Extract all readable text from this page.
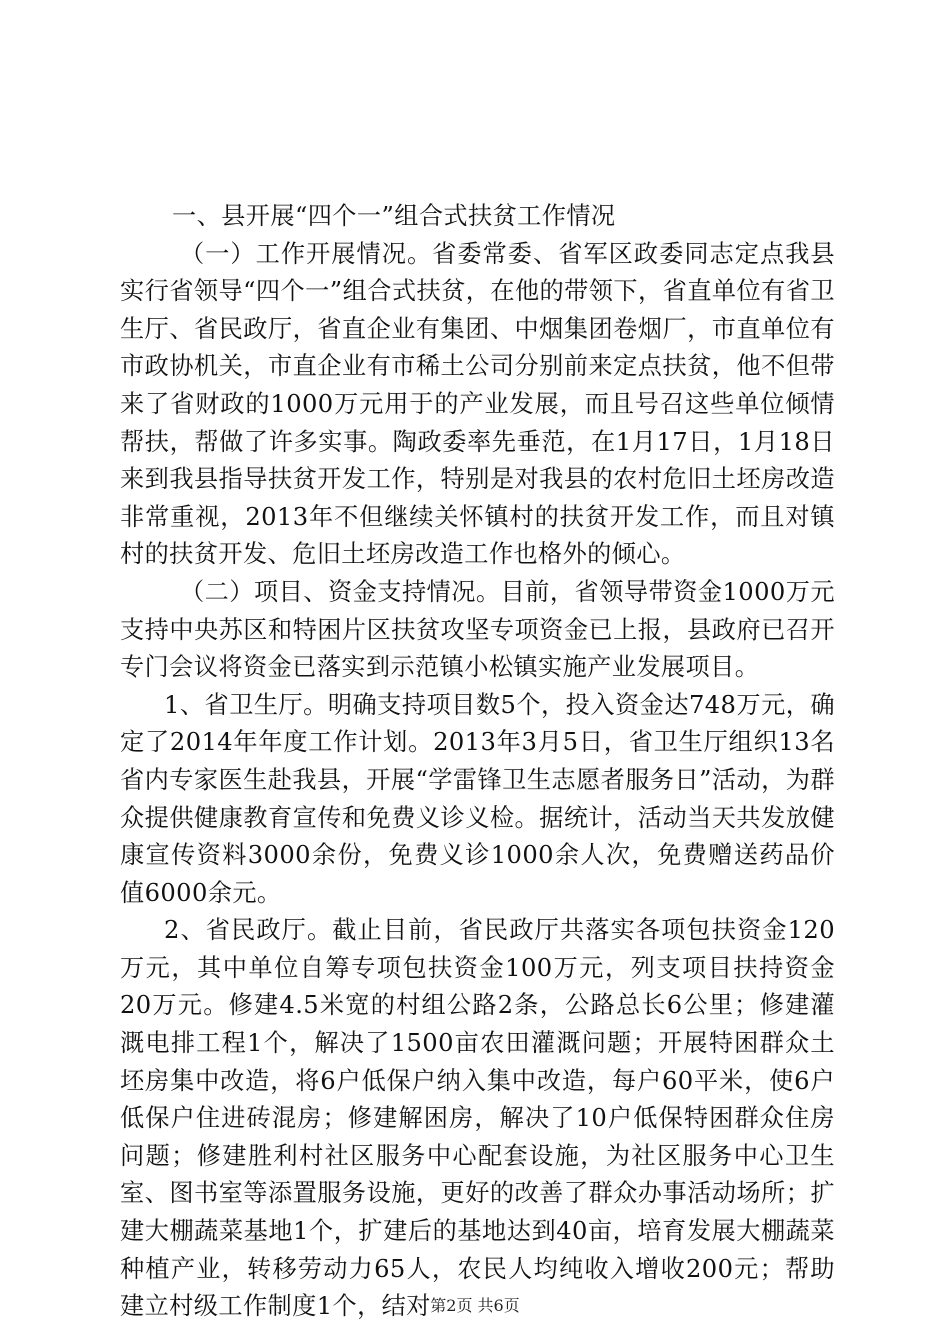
一、县开展“四个一”组合式扶贫工作情况

（一）工作开展情况。省委常委、省军区政委同志定点我县实行省领导“四个一”组合式扶贫，在他的带领下，省直单位有省卫生厅、省民政厅，省直企业有集团、中烟集团卷烟厂，市直单位有市政协机关，市直企业有市稀土公司分别前来定点扶贫，他不但带来了省财政的1000万元用于的产业发展，而且号召这些单位倾情帮扶，帮做了许多实事。陶政委率先垂范，在1月17日，1月18日来到我县指导扶贫开发工作，特别是对我县的农村危旧土坯房改造非常重视，2013年不但继续关怀镇村的扶贫开发工作，而且对镇村的扶贫开发、危旧土坯房改造工作也格外的倾心。

（二）项目、资金支持情况。目前，省领导带资金1000万元支持中央苏区和特困片区扶贫攻坚专项资金已上报，县政府已召开专门会议将资金已落实到示范镇小松镇实施产业发展项目。

1、省卫生厅。明确支持项目数5个，投入资金达748万元，确定了2014年年度工作计划。2013年3月5日，省卫生厅组织13名省内专家医生赴我县，开展“学雷锋卫生志愿者服务日”活动，为群众提供健康教育宣传和免费义诊义检。据统计，活动当天共发放健康宣传资料3000余份，免费义诊1000余人次，免费赠送药品价值6000余元。

2、省民政厅。截止目前，省民政厅共落实各项包扶资金120万元，其中单位自筹专项包扶资金100万元，列支项目扶持资金20万元。修建4.5米宽的村组公路2条，公路总长6公里；修建灌溉电排工程1个，解决了1500亩农田灌溉问题；开展特困群众土坯房集中改造，将6户低保户纳入集中改造，每户60平米，使6户低保户住进砖混房；修建解困房，解决了10户低保特困群众住房问题；修建胜利村社区服务中心配套设施，为社区服务中心卫生室、图书室等添置服务设施，更好的改善了群众办事活动场所；扩建大棚蔬菜基地1个，扩建后的基地达到40亩，培育发展大棚蔬菜种植产业，转移劳动力65人，农民人均纯收入增收200元；帮助建立村级工作制度1个，结对 第2页 共6页
